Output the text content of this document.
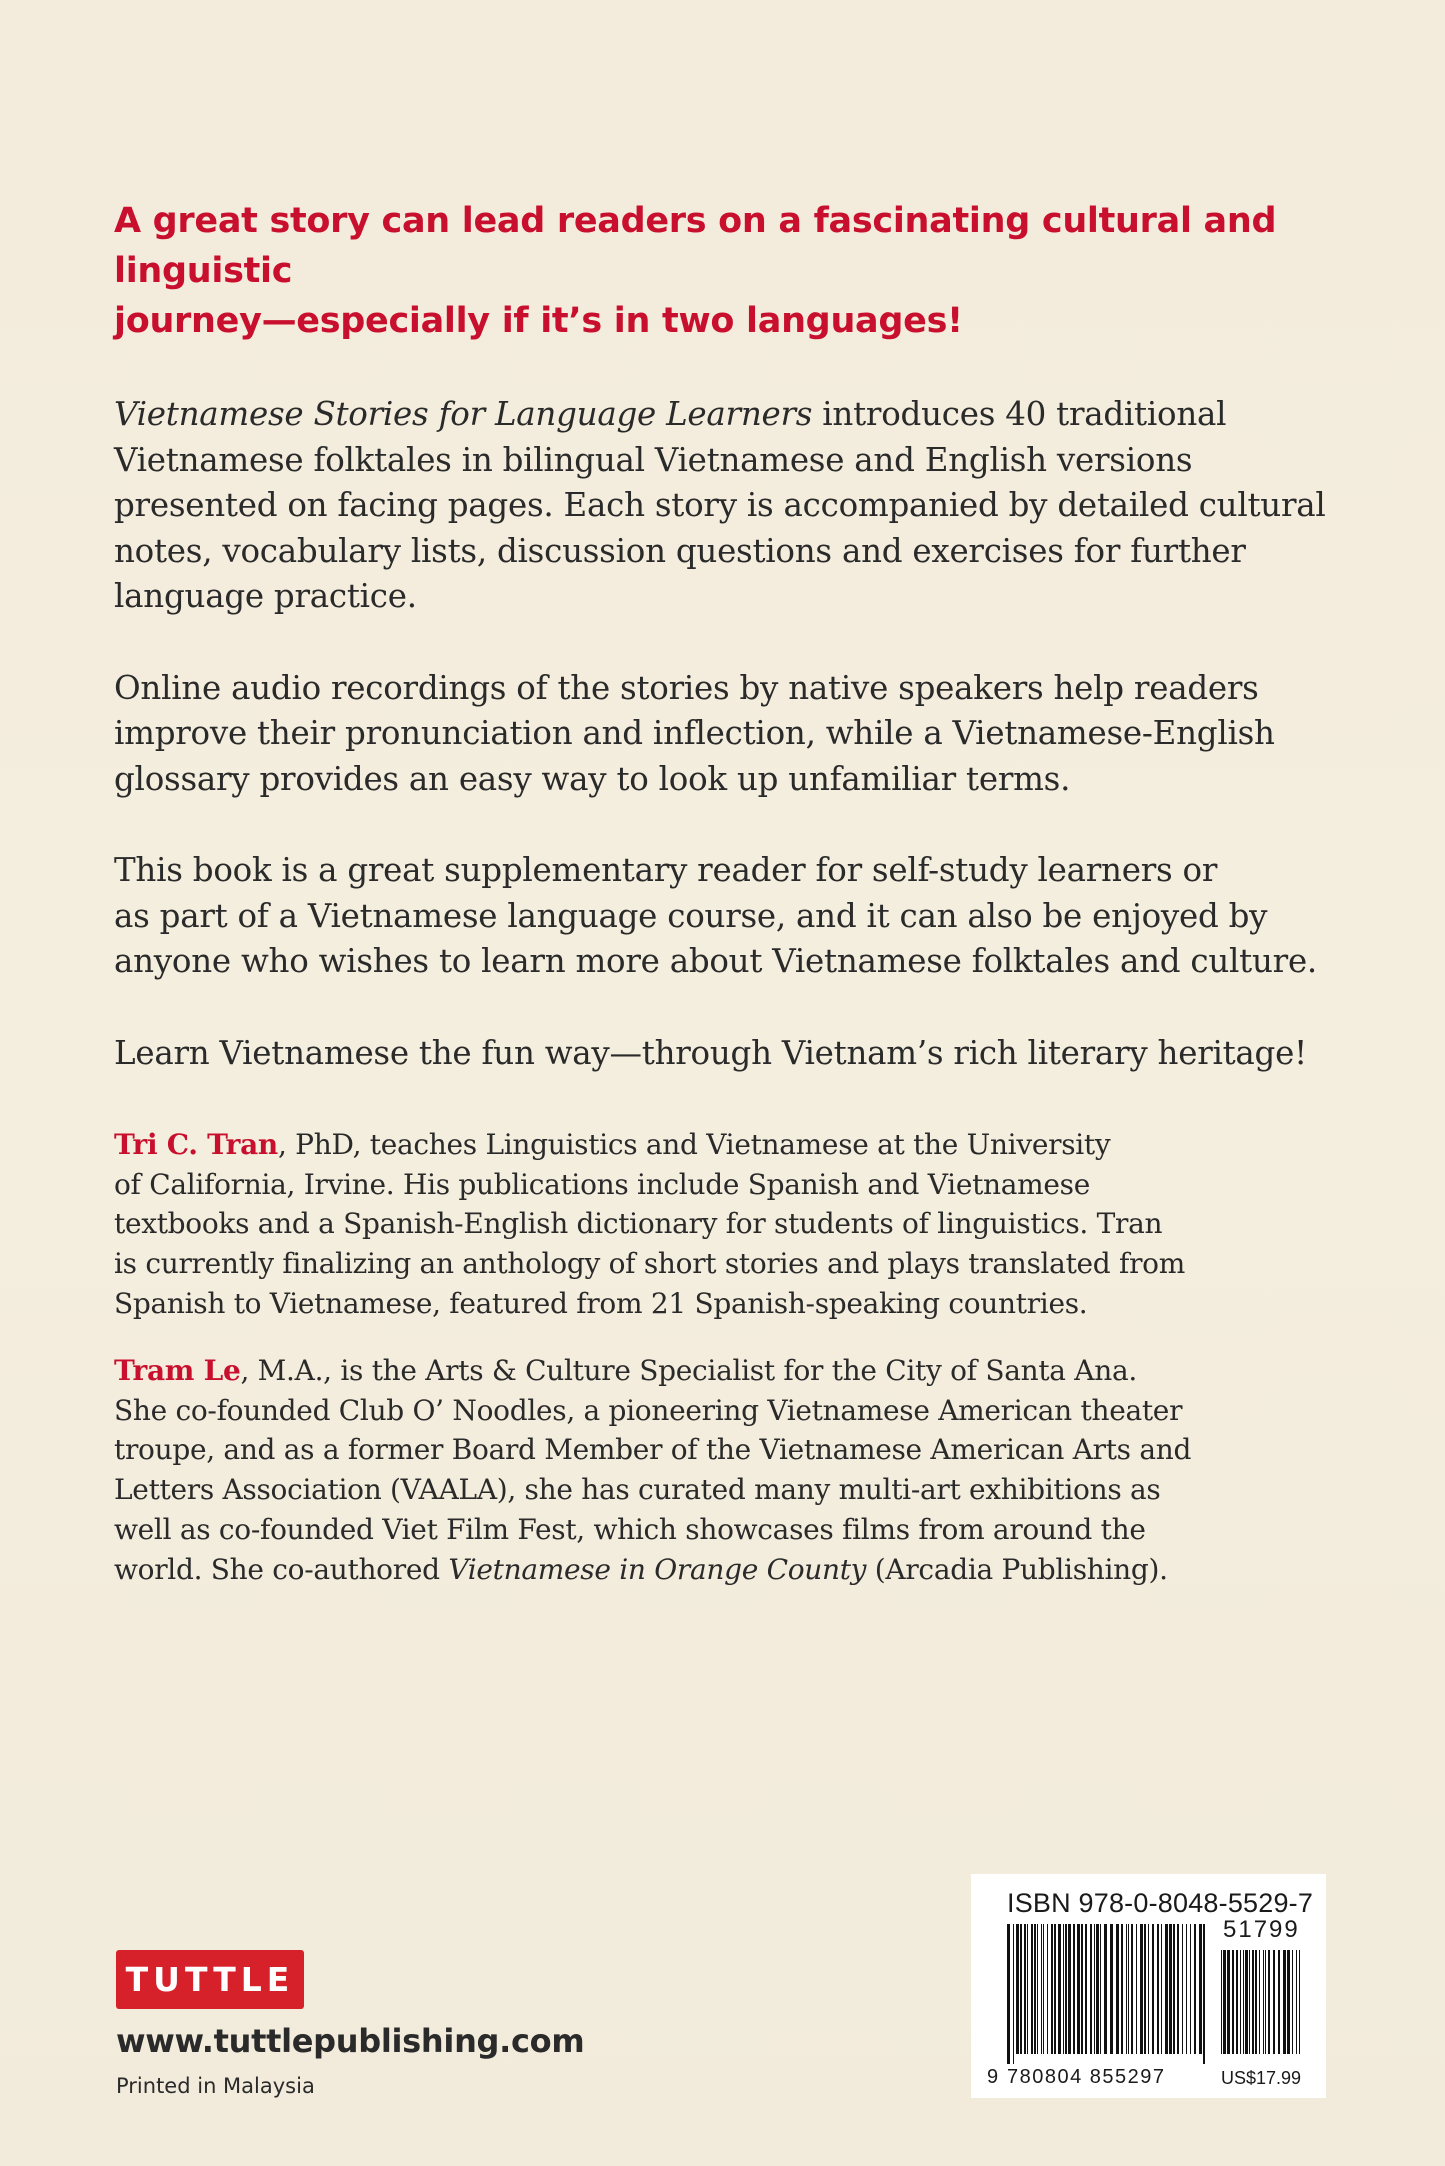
A great story can lead readers on a fascinating cultural and linguistic
journey—especially if it’s in two languages!

Vietnamese Stories for Language Learners introduces 40 traditional
Vietnamese folktales in bilingual Vietnamese and English versions
presented on facing pages. Each story is accompanied by detailed cultural
notes, vocabulary lists, discussion questions and exercises for further
language practice.

Online audio recordings of the stories by native speakers help readers
improve their pronunciation and inflection, while a Vietnamese-English
glossary provides an easy way to look up unfamiliar terms.

This book is a great supplementary reader for self-study learners or
as part of a Vietnamese language course, and it can also be enjoyed by
anyone who wishes to learn more about Vietnamese folktales and culture.

Learn Vietnamese the fun way—through Vietnam’s rich literary heritage!

Tri C. Tran, PhD, teaches Linguistics and Vietnamese at the University
of California, Irvine. His publications include Spanish and Vietnamese
textbooks and a Spanish-English dictionary for students of linguistics. Tran
is currently finalizing an anthology of short stories and plays translated from
Spanish to Vietnamese, featured from 21 Spanish-speaking countries.

Tram Le, M.A., is the Arts & Culture Specialist for the City of Santa Ana.
She co-founded Club O’ Noodles, a pioneering Vietnamese American theater
troupe, and as a former Board Member of the Vietnamese American Arts and
Letters Association (VAALA), she has curated many multi-art exhibitions as
well as co-founded Viet Film Fest, which showcases films from around the
world. She co-authored Vietnamese in Orange County (Arcadia Publishing).

TUTTLE
www.tuttlepublishing.com
Printed in Malaysia
ISBN 978-0-8048-5529-7
51799
9 780804 855297	US$17.99
